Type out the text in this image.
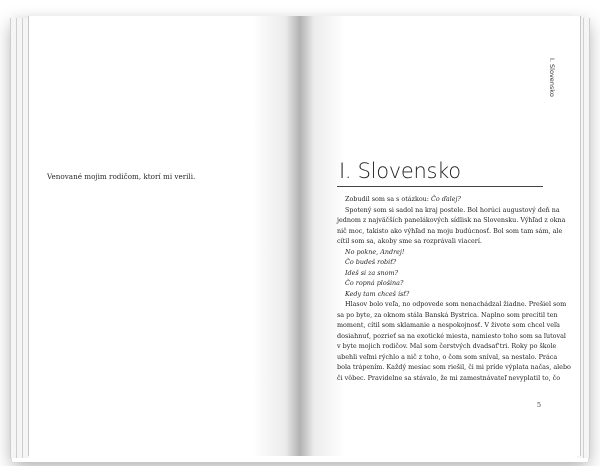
Venované mojim rodičom, ktorí mi verili.

I. Slovensko
I. Slovensko

Zobudil som sa s otázkou: Čo ďalej?
Spotený som si sadol na kraj postele. Bol horúci augustový deň na
jednom z najväčších panelákových sídlisk na Slovensku. Výhľad z okna
nič moc, takisto ako výhľad na moju budúcnosť. Bol som tam sám, ale
cítil som sa, akoby sme sa rozprávali viacerí.
No pokne, Andrej!
Čo budeš robiť?
Ideš si za snom?
Čo ropná plošina?
Kedy tam chceš ísť?
Hlasov bolo veľa, no odpovede som nenachádzal žiadne. Prešiel som
sa po byte, za oknom stála Banská Bystrica. Naplno som precítil ten
moment, cítil som sklamanie a nespokojnosť. V živote som chcel veľa
dosiahnuť, pozrieť sa na exotické miesta, namiesto toho som sa ľutoval
v byte mojich rodičov. Mal som čerstvých dvadsať'tri. Roky po škole
ubehli veľmi rýchlo a nič z toho, o čom som sníval, sa nestalo. Práca
bola trápením. Každý mesiac som riešil, či mi príde výplata načas, alebo
či vôbec. Pravidelne sa stávalo, že mi zamestnávateľ nevyplatil to, čo

5
